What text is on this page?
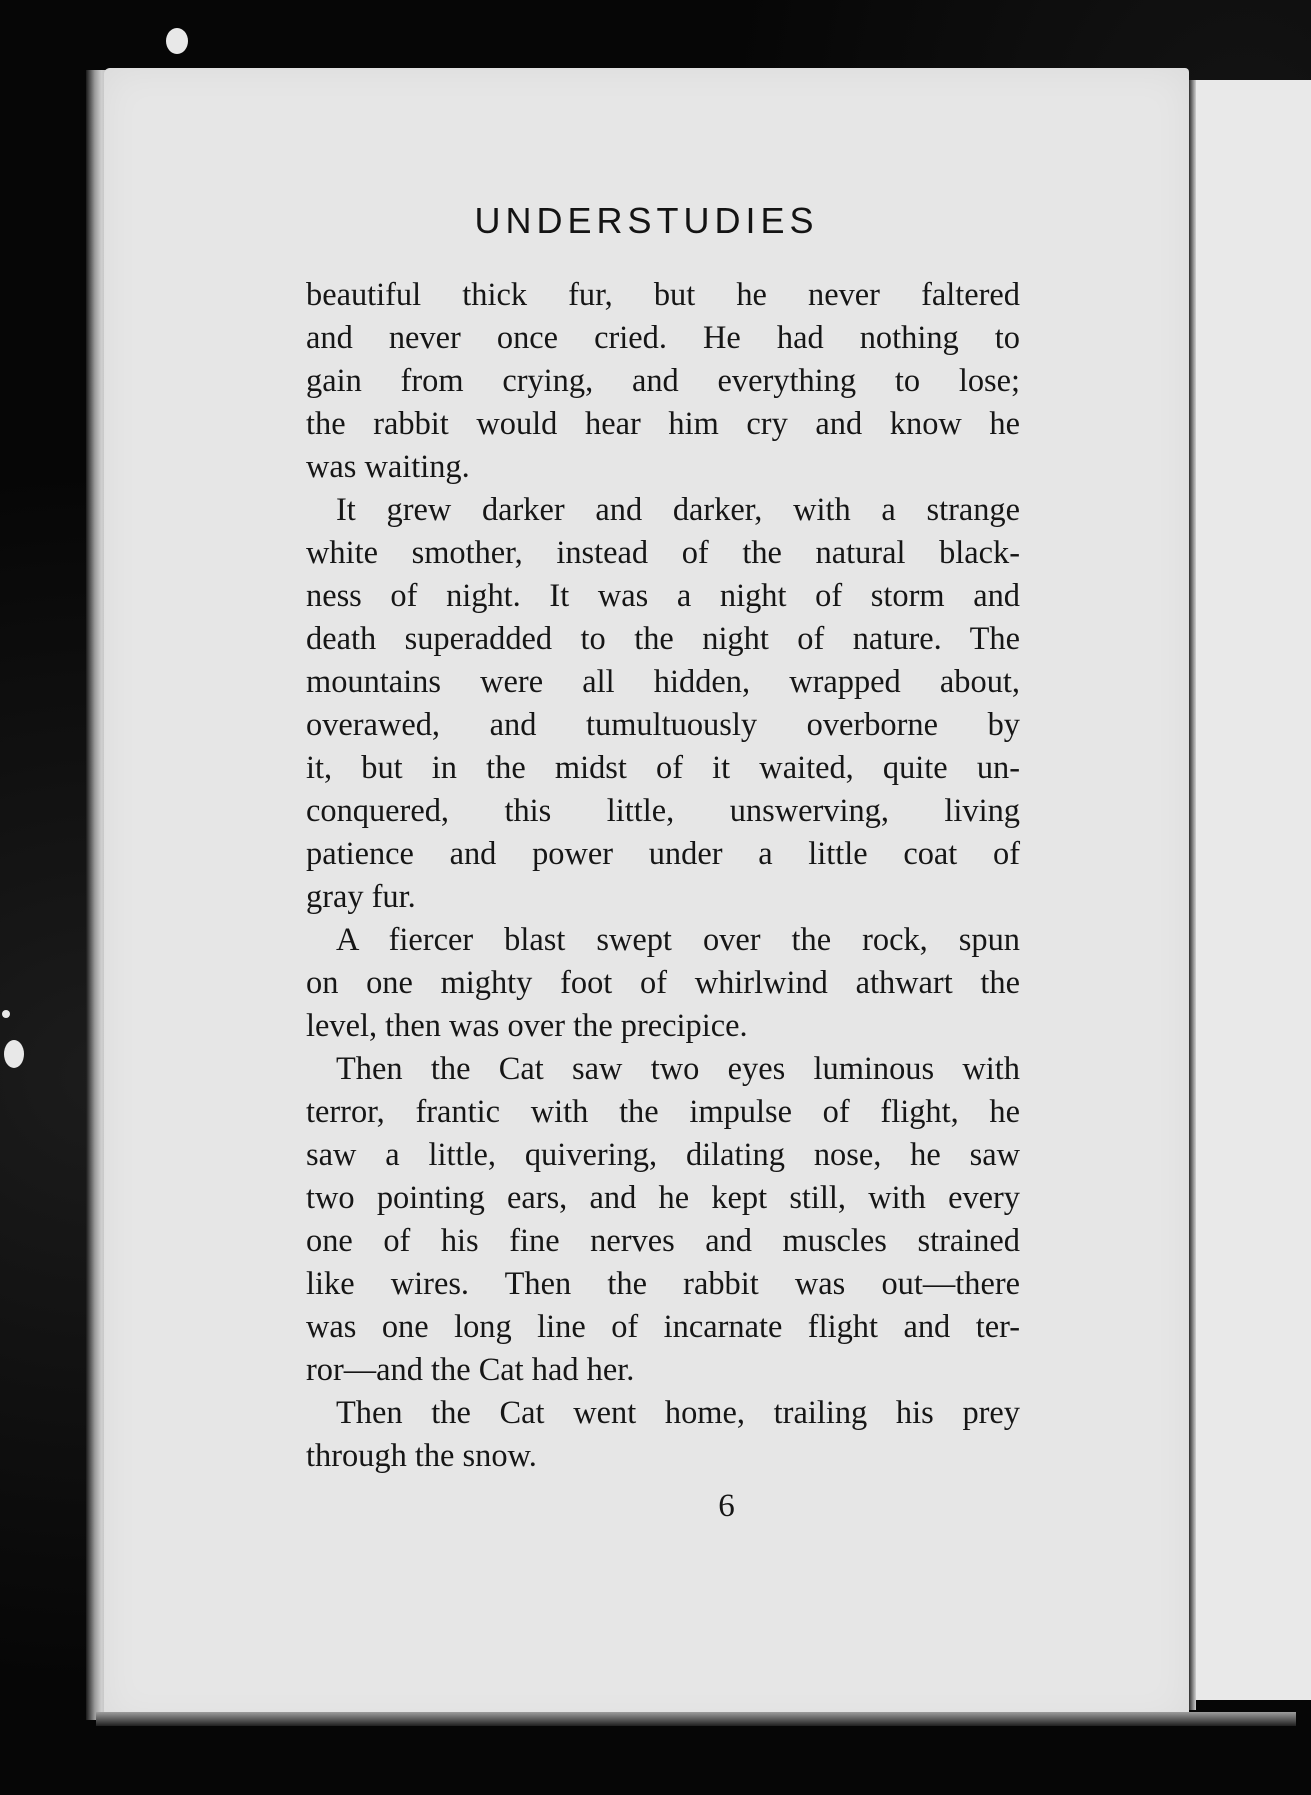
UNDERSTUDIES
beautiful thick fur, but he never faltered
and never once cried. He had nothing to
gain from crying, and everything to lose;
the rabbit would hear him cry and know he
was waiting.
It grew darker and darker, with a strange
white smother, instead of the natural black-
ness of night. It was a night of storm and
death superadded to the night of nature. The
mountains were all hidden, wrapped about,
overawed, and tumultuously overborne by
it, but in the midst of it waited, quite un-
conquered, this little, unswerving, living
patience and power under a little coat of
gray fur.
A fiercer blast swept over the rock, spun
on one mighty foot of whirlwind athwart the
level, then was over the precipice.
Then the Cat saw two eyes luminous with
terror, frantic with the impulse of flight, he
saw a little, quivering, dilating nose, he saw
two pointing ears, and he kept still, with every
one of his fine nerves and muscles strained
like wires. Then the rabbit was out—there
was one long line of incarnate flight and ter-
ror—and the Cat had her.
Then the Cat went home, trailing his prey
through the snow.
6
